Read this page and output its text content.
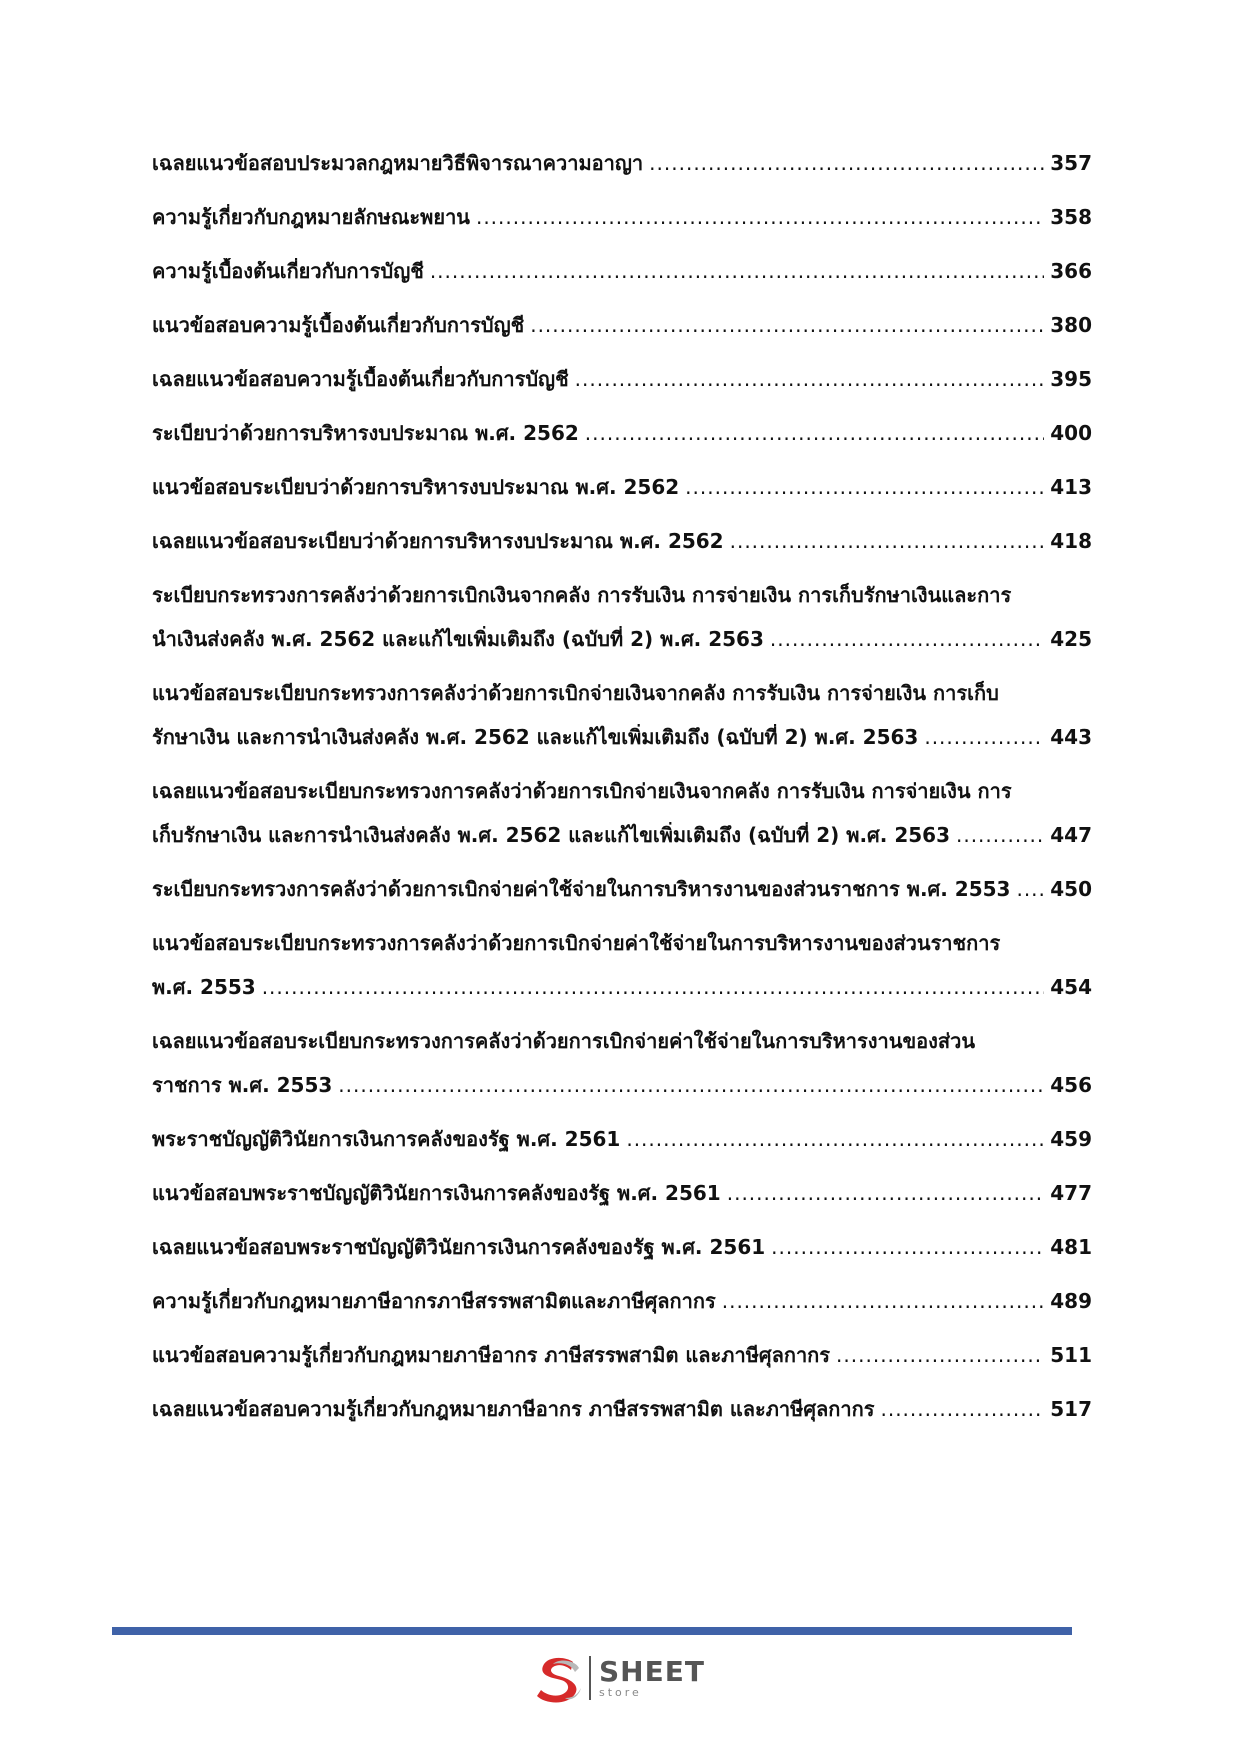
เฉลยแนวข้อสอบประมวลกฎหมายวิธีพิจารณาความอาญา .....	357
ความรู้เกี่ยวกับกฎหมายลักษณะพยาน .....	358
ความรู้เบื้องต้นเกี่ยวกับการบัญชี .....	366
แนวข้อสอบความรู้เบื้องต้นเกี่ยวกับการบัญชี .....	380
เฉลยแนวข้อสอบความรู้เบื้องต้นเกี่ยวกับการบัญชี .....	395
ระเบียบว่าด้วยการบริหารงบประมาณ พ.ศ. 2562 .....	400
แนวข้อสอบระเบียบว่าด้วยการบริหารงบประมาณ พ.ศ. 2562 .....	413
เฉลยแนวข้อสอบระเบียบว่าด้วยการบริหารงบประมาณ พ.ศ. 2562 .....	418
ระเบียบกระทรวงการคลังว่าด้วยการเบิกเงินจากคลัง การรับเงิน การจ่ายเงิน การเก็บรักษาเงินและการ
นำเงินส่งคลัง พ.ศ. 2562 และแก้ไขเพิ่มเติมถึง (ฉบับที่ 2) พ.ศ. 2563 .....	425
แนวข้อสอบระเบียบกระทรวงการคลังว่าด้วยการเบิกจ่ายเงินจากคลัง การรับเงิน การจ่ายเงิน การเก็บ
รักษาเงิน และการนำเงินส่งคลัง พ.ศ. 2562 และแก้ไขเพิ่มเติมถึง (ฉบับที่ 2) พ.ศ. 2563 .....	443
เฉลยแนวข้อสอบระเบียบกระทรวงการคลังว่าด้วยการเบิกจ่ายเงินจากคลัง การรับเงิน การจ่ายเงิน การ
เก็บรักษาเงิน และการนำเงินส่งคลัง พ.ศ. 2562 และแก้ไขเพิ่มเติมถึง (ฉบับที่ 2) พ.ศ. 2563 .....	447
ระเบียบกระทรวงการคลังว่าด้วยการเบิกจ่ายค่าใช้จ่ายในการบริหารงานของส่วนราชการ พ.ศ. 2553 ..... 450
แนวข้อสอบระเบียบกระทรวงการคลังว่าด้วยการเบิกจ่ายค่าใช้จ่ายในการบริหารงานของส่วนราชการ
พ.ศ. 2553 .....	454
เฉลยแนวข้อสอบระเบียบกระทรวงการคลังว่าด้วยการเบิกจ่ายค่าใช้จ่ายในการบริหารงานของส่วน
ราชการ พ.ศ. 2553 .....	456
พระราชบัญญัติวินัยการเงินการคลังของรัฐ พ.ศ. 2561 .....	459
แนวข้อสอบพระราชบัญญัติวินัยการเงินการคลังของรัฐ พ.ศ. 2561 .....	477
เฉลยแนวข้อสอบพระราชบัญญัติวินัยการเงินการคลังของรัฐ พ.ศ. 2561 .....	481
ความรู้เกี่ยวกับกฎหมายภาษีอากรภาษีสรรพสามิตและภาษีศุลกากร .....	489
แนวข้อสอบความรู้เกี่ยวกับกฎหมายภาษีอากร ภาษีสรรพสามิต และภาษีศุลกากร .....	511
เฉลยแนวข้อสอบความรู้เกี่ยวกับกฎหมายภาษีอากร ภาษีสรรพสามิต และภาษีศุลกากร .....	517
SHEET
store
